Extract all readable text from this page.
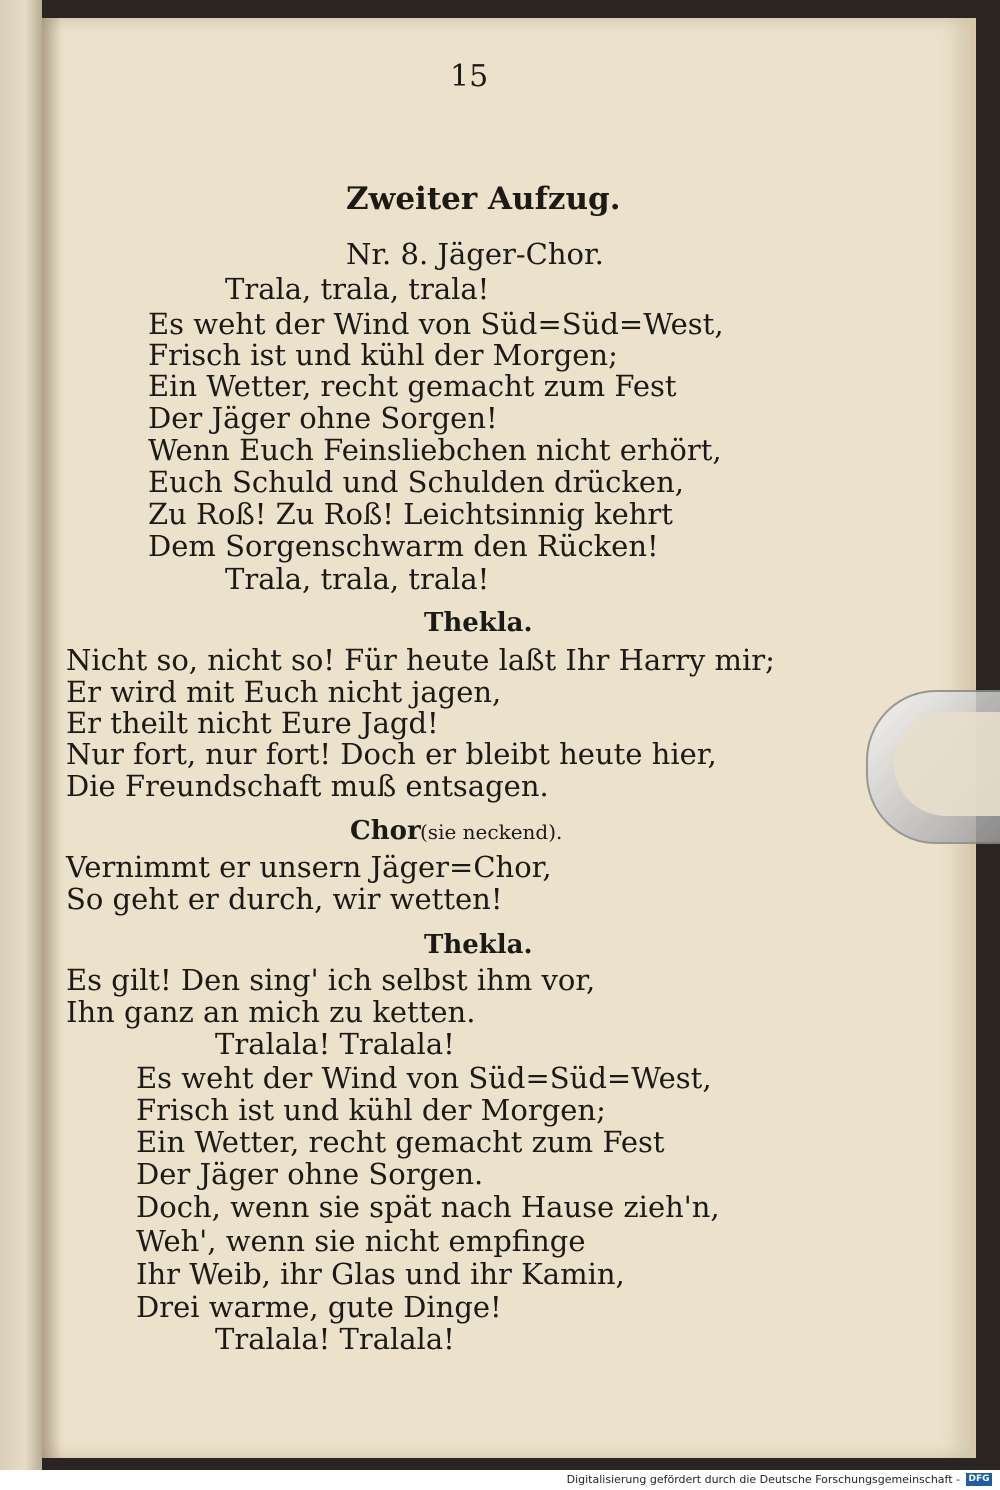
15
Zweiter Aufzug.
Nr. 8. Jäger-Chor.
Trala, trala, trala!
Es weht der Wind von Süd=Süd=West,
Frisch ist und kühl der Morgen;
Ein Wetter, recht gemacht zum Fest
Der Jäger ohne Sorgen!
Wenn Euch Feinsliebchen nicht erhört,
Euch Schuld und Schulden drücken,
Zu Roß! Zu Roß! Leichtsinnig kehrt
Dem Sorgenschwarm den Rücken!
Trala, trala, trala!
Thekla.
Nicht so, nicht so! Für heute laßt Ihr Harry mir;
Er wird mit Euch nicht jagen,
Er theilt nicht Eure Jagd!
Nur fort, nur fort! Doch er bleibt heute hier,
Die Freundschaft muß entsagen.
Chor (sie neckend).
Vernimmt er unsern Jäger=Chor,
So geht er durch, wir wetten!
Thekla.
Es gilt! Den sing' ich selbst ihm vor,
Ihn ganz an mich zu ketten.
Tralala! Tralala!
Es weht der Wind von Süd=Süd=West,
Frisch ist und kühl der Morgen;
Ein Wetter, recht gemacht zum Fest
Der Jäger ohne Sorgen.
Doch, wenn sie spät nach Hause zieh'n,
Weh', wenn sie nicht empfinge
Ihr Weib, ihr Glas und ihr Kamin,
Drei warme, gute Dinge!
Tralala! Tralala!
Digitalisierung gefördert durch die Deutsche Forschungsgemeinschaft - DFG
